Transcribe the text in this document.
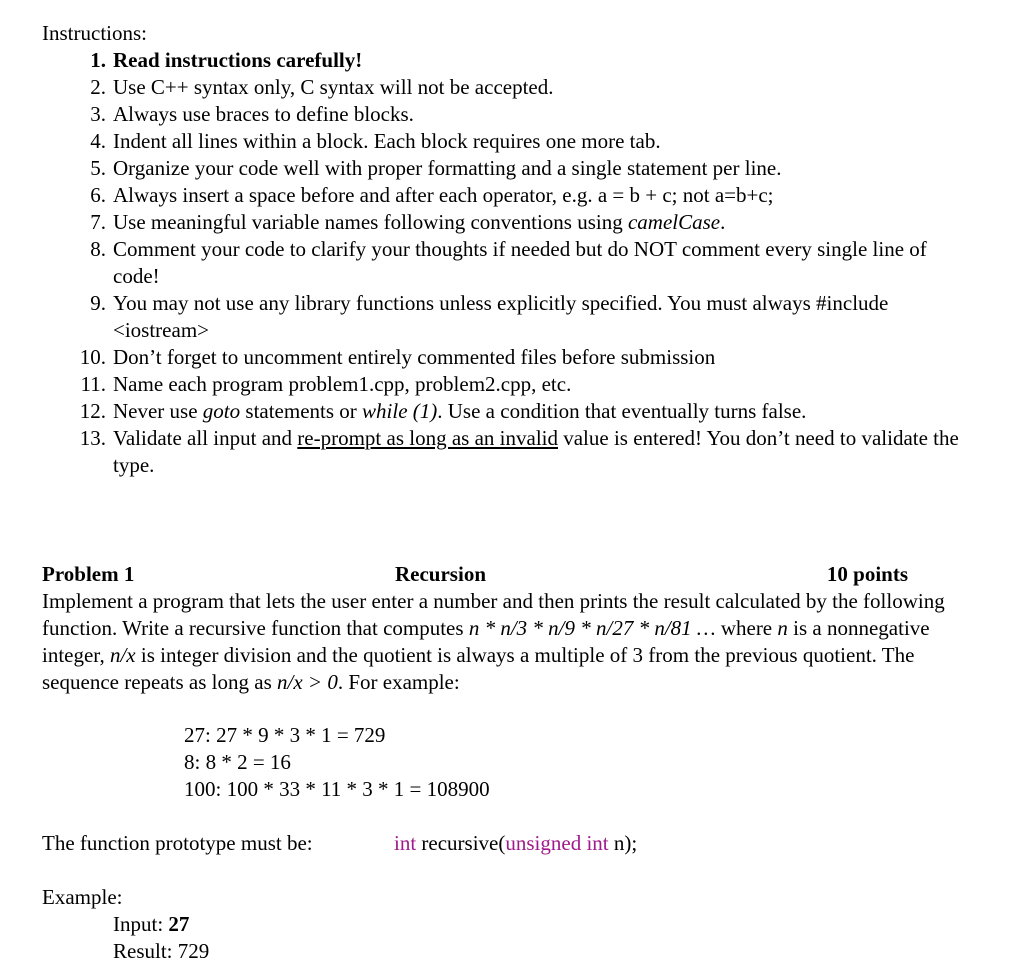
Instructions:
1. Read instructions carefully!
2. Use C++ syntax only, C syntax will not be accepted.
3. Always use braces to define blocks.
4. Indent all lines within a block. Each block requires one more tab.
5. Organize your code well with proper formatting and a single statement per line.
6. Always insert a space before and after each operator, e.g. a = b + c; not a=b+c;
7. Use meaningful variable names following conventions using camelCase.
8. Comment your code to clarify your thoughts if needed but do NOT comment every single line of code!
9. You may not use any library functions unless explicitly specified. You must always #include <iostream>
10. Don’t forget to uncomment entirely commented files before submission
11. Name each program problem1.cpp, problem2.cpp, etc.
12. Never use goto statements or while (1). Use a condition that eventually turns false.
13. Validate all input and re-prompt as long as an invalid value is entered! You don’t need to validate the type.
Problem 1	Recursion	10 points
Implement a program that lets the user enter a number and then prints the result calculated by the following function. Write a recursive function that computes n * n/3 * n/9 * n/27 * n/81 … where n is a nonnegative integer, n/x is integer division and the quotient is always a multiple of 3 from the previous quotient. The sequence repeats as long as n/x > 0. For example:
27: 27 * 9 * 3 * 1 = 729
8: 8 * 2 = 16
100: 100 * 33 * 11 * 3 * 1 = 108900
The function prototype must be:	int recursive(unsigned int n);
Example:
Input: 27
Result: 729
